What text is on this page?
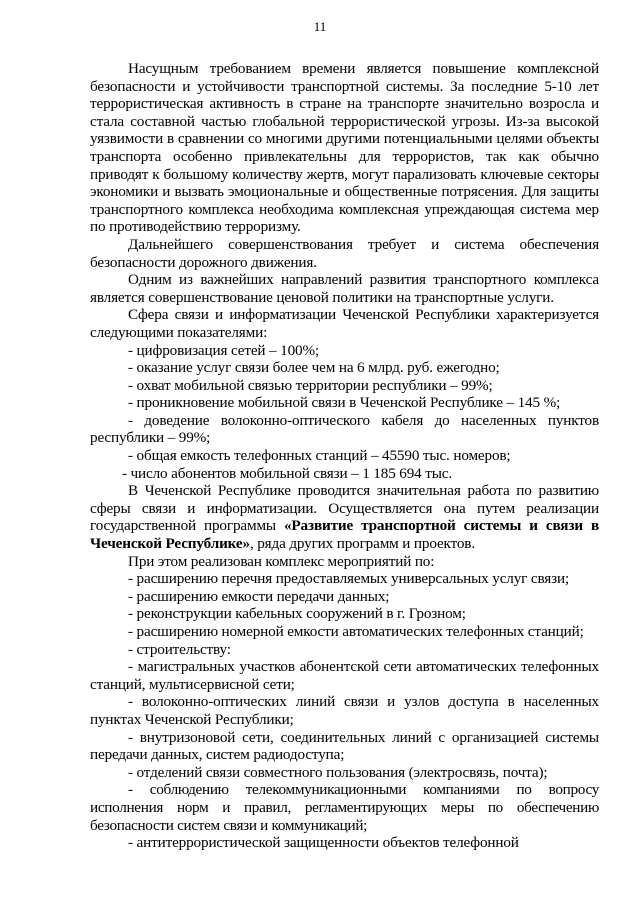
11

Насущным требованием времени является повышение комплексной безопасности и устойчивости транспортной системы. За последние 5-10 лет террористическая активность в стране на транспорте значительно возросла и стала составной частью глобальной террористической угрозы. Из-за высокой уязвимости в сравнении со многими другими потенциальными целями объекты транспорта особенно привлекательны для террористов, так как обычно приводят к большому количеству жертв, могут парализовать ключевые секторы экономики и вызвать эмоциональные и общественные потрясения. Для защиты транспортного комплекса необходима комплексная упреждающая система мер по противодействию терроризму.

Дальнейшего совершенствования требует и система обеспечения безопасности дорожного движения.

Одним из важнейших направлений развития транспортного комплекса является совершенствование ценовой политики на транспортные услуги.

Сфера связи и информатизации Чеченской Республики характеризуется следующими показателями:

- цифровизация сетей – 100%;

- оказание услуг связи более чем на 6 млрд. руб. ежегодно;

- охват мобильной связью территории республики – 99%;

- проникновение мобильной связи в Чеченской Республике – 145 %;

- доведение волоконно-оптического кабеля до населенных пунктов республики – 99%;

- общая емкость телефонных станций – 45590 тыс. номеров;

- число абонентов мобильной связи – 1 185 694 тыс.

В Чеченской Республике проводится значительная работа по развитию сферы связи и информатизации. Осуществляется она путем реализации государственной программы «Развитие транспортной системы и связи в Чеченской Республике», ряда других программ и проектов.

При этом реализован комплекс мероприятий по:

- расширению перечня предоставляемых универсальных услуг связи;

- расширению емкости передачи данных;

- реконструкции кабельных сооружений в г. Грозном;

- расширению номерной емкости автоматических телефонных станций;

- строительству:

- магистральных участков абонентской сети автоматических телефонных станций, мультисервисной сети;

- волоконно-оптических линий связи и узлов доступа в населенных пунктах Чеченской Республики;

- внутризоновой сети, соединительных линий с организацией системы передачи данных, систем радиодоступа;

- отделений связи совместного пользования (электросвязь, почта);

- соблюдению телекоммуникационными компаниями по вопросу исполнения норм и правил, регламентирующих меры по обеспечению безопасности систем связи и коммуникаций;

- антитеррористической защищенности объектов телефонной
